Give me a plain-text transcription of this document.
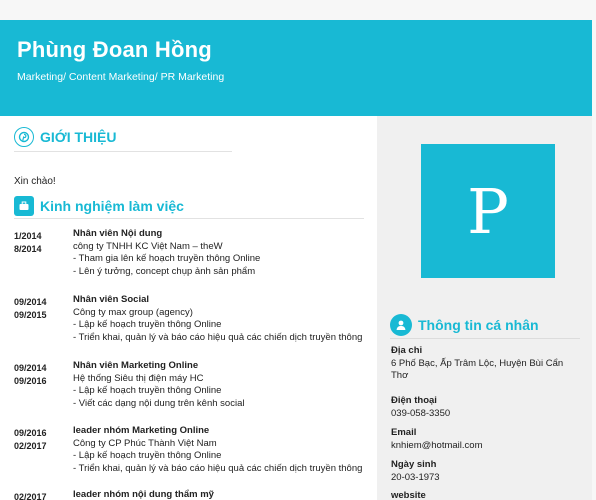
Phùng Đoan Hồng
Marketing/ Content Marketing/ PR Marketing
P
GIỚI THIỆU
Xin chào!
Kinh nghiệm làm việc
1/2014
8/2014
Nhân viên Nội dung
công ty TNHH KC Việt Nam – theW
- Tham gia lên kế hoạch truyền thông Online
- Lên ý tưởng, concept chụp ảnh sản phẩm
09/2014
09/2015
Nhân viên Social
Công ty max group (agency)
- Lập kế hoạch truyền thông Online
- Triển khai, quản lý và báo cáo hiệu quả các chiến dịch truyền thông
09/2014
09/2016
Nhân viên Marketing Online
Hệ thống Siêu thị điện máy HC
- Lập kế hoạch truyền thông Online
- Viết các dạng nội dung trên kênh social
09/2016
02/2017
leader nhóm Marketing Online
Công ty CP Phúc Thành Việt Nam
- Lập kế hoạch truyền thông Online
- Triển khai, quản lý và báo cáo hiệu quả các chiến dịch truyền thông
02/2017	leader nhóm nội dung thẩm mỹ
Thông tin cá nhân
Địa chỉ
6 Phố Bạc, Ấp Trâm Lộc, Huyện Bùi Cẩn Thơ
Điện thoại
039-058-3350
Email
knhiem@hotmail.com
Ngày sinh
20-03-1973
website
